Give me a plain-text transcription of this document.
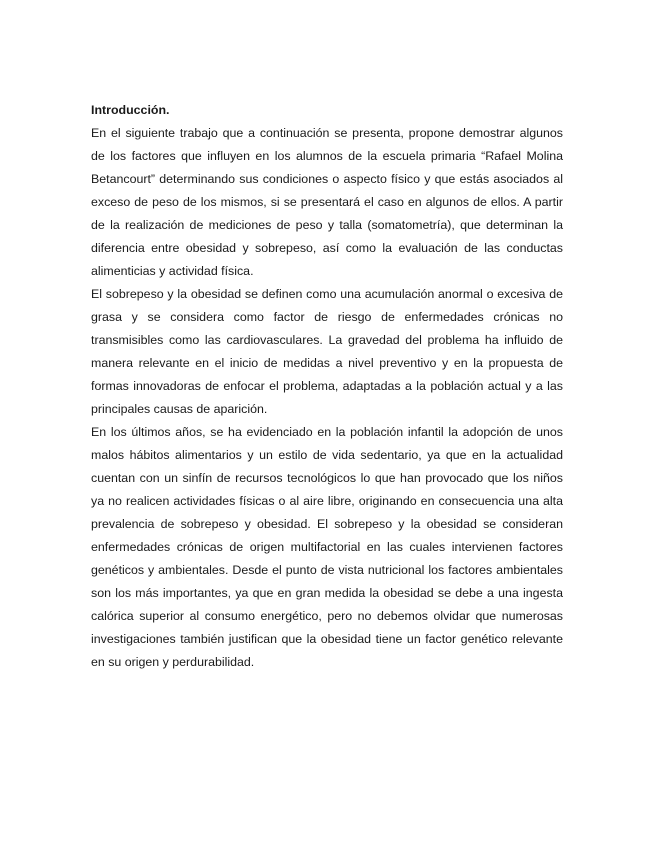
Introducción.

En el siguiente trabajo que a continuación se presenta, propone demostrar algunos de los factores que influyen en los alumnos de la escuela primaria “Rafael Molina Betancourt” determinando sus condiciones o aspecto físico y que estás asociados al exceso de peso de los mismos, si se presentará el caso en algunos de ellos. A partir de la realización de mediciones de peso y talla (somatometría), que determinan la diferencia entre obesidad y sobrepeso, así como la evaluación de las conductas alimenticias y actividad física.

El sobrepeso y la obesidad se definen como una acumulación anormal o excesiva de grasa y se considera como factor de riesgo de enfermedades crónicas no transmisibles como las cardiovasculares. La gravedad del problema ha influido de manera relevante en el inicio de medidas a nivel preventivo y en la propuesta de formas innovadoras de enfocar el problema, adaptadas a la población actual y a las principales causas de aparición.

En los últimos años, se ha evidenciado en la población infantil la adopción de unos malos hábitos alimentarios y un estilo de vida sedentario, ya que en la actualidad cuentan con un sinfín de recursos tecnológicos lo que han provocado que los niños ya no realicen actividades físicas o al aire libre, originando en consecuencia una alta prevalencia de sobrepeso y obesidad. El sobrepeso y la obesidad se consideran enfermedades crónicas de origen multifactorial en las cuales intervienen factores genéticos y ambientales. Desde el punto de vista nutricional los factores ambientales son los más importantes, ya que en gran medida la obesidad se debe a una ingesta calórica superior al consumo energético, pero no debemos olvidar que numerosas investigaciones también justifican que la obesidad tiene un factor genético relevante en su origen y perdurabilidad.
